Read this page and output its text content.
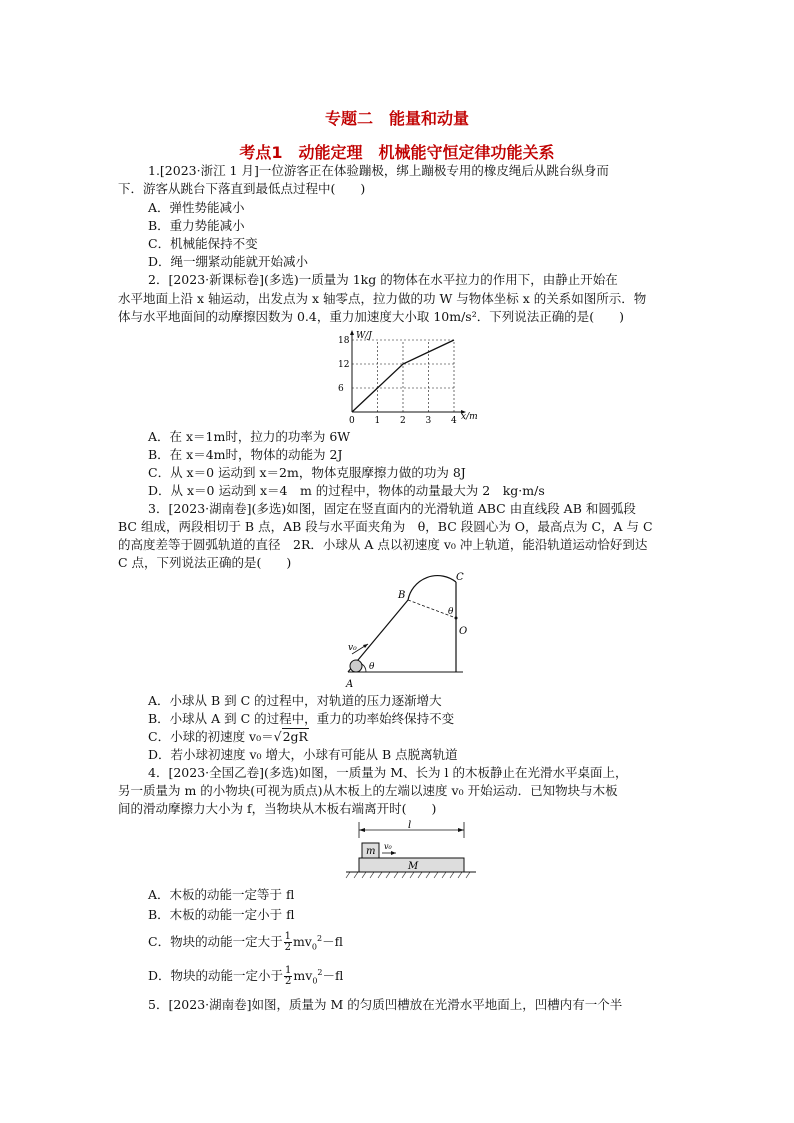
专题二　能量和动量
考点1　动能定理　机械能守恒定律功能关系
1.[2023·浙江 1 月]一位游客正在体验蹦极，绑上蹦极专用的橡皮绳后从跳台纵身而
下．游客从跳台下落直到最低点过程中(　　)
A．弹性势能减小
B．重力势能减小
C．机械能保持不变
D．绳一绷紧动能就开始减小
2．[2023·新课标卷](多选)一质量为 1kg 的物体在水平拉力的作用下，由静止开始在
水平地面上沿 x 轴运动，出发点为 x 轴零点，拉力做的功 W 与物体坐标 x 的关系如图所示．物
体与水平地面间的动摩擦因数为 0.4，重力加速度大小取 10m/s²．下列说法正确的是(　　)
0 1 2 3 4
6
12
18 W/J
x/m
A．在 x＝1m时，拉力的功率为 6W
B．在 x＝4m时，物体的动能为 2J
C．从 x＝0 运动到 x＝2m，物体克服摩擦力做的功为 8J
D．从 x＝0 运动到 x＝4　m 的过程中，物体的动量最大为 2　kg·m/s
3．[2023·湖南卷](多选)如图，固定在竖直面内的光滑轨道 ABC 由直线段 AB 和圆弧段
BC 组成，两段相切于 B 点，AB 段与水平面夹角为　θ，BC 段圆心为 O，最高点为 C，A 与 C
的高度差等于圆弧轨道的直径　2R．小球从 A 点以初速度 v₀ 冲上轨道，能沿轨道运动恰好到达
C 点，下列说法正确的是(　　)
A
B
C
O
θ
θ
v₀
A．小球从 B 到 C 的过程中，对轨道的压力逐渐增大
B．小球从 A 到 C 的过程中，重力的功率始终保持不变
C．小球的初速度 v₀＝√2gR
D．若小球初速度 v₀ 增大，小球有可能从 B 点脱离轨道
4．[2023·全国乙卷](多选)如图，一质量为 M、长为 l 的木板静止在光滑水平桌面上，
另一质量为 m 的小物块(可视为质点)从木板上的左端以速度 v₀ 开始运动．已知物块与木板
间的滑动摩擦力大小为 f，当物块从木板右端离开时(　　)
l
m
M
v₀
A．木板的动能一定等于 fl
B．木板的动能一定小于 fl
C．物块的动能一定大于 $\frac{1}{2} mv_0^2-fl$
D．物块的动能一定小于 $\frac{1}{2} mv_0^2-fl$
5．[2023·湖南卷]如图，质量为 M 的匀质凹槽放在光滑水平地面上，凹槽内有一个半
